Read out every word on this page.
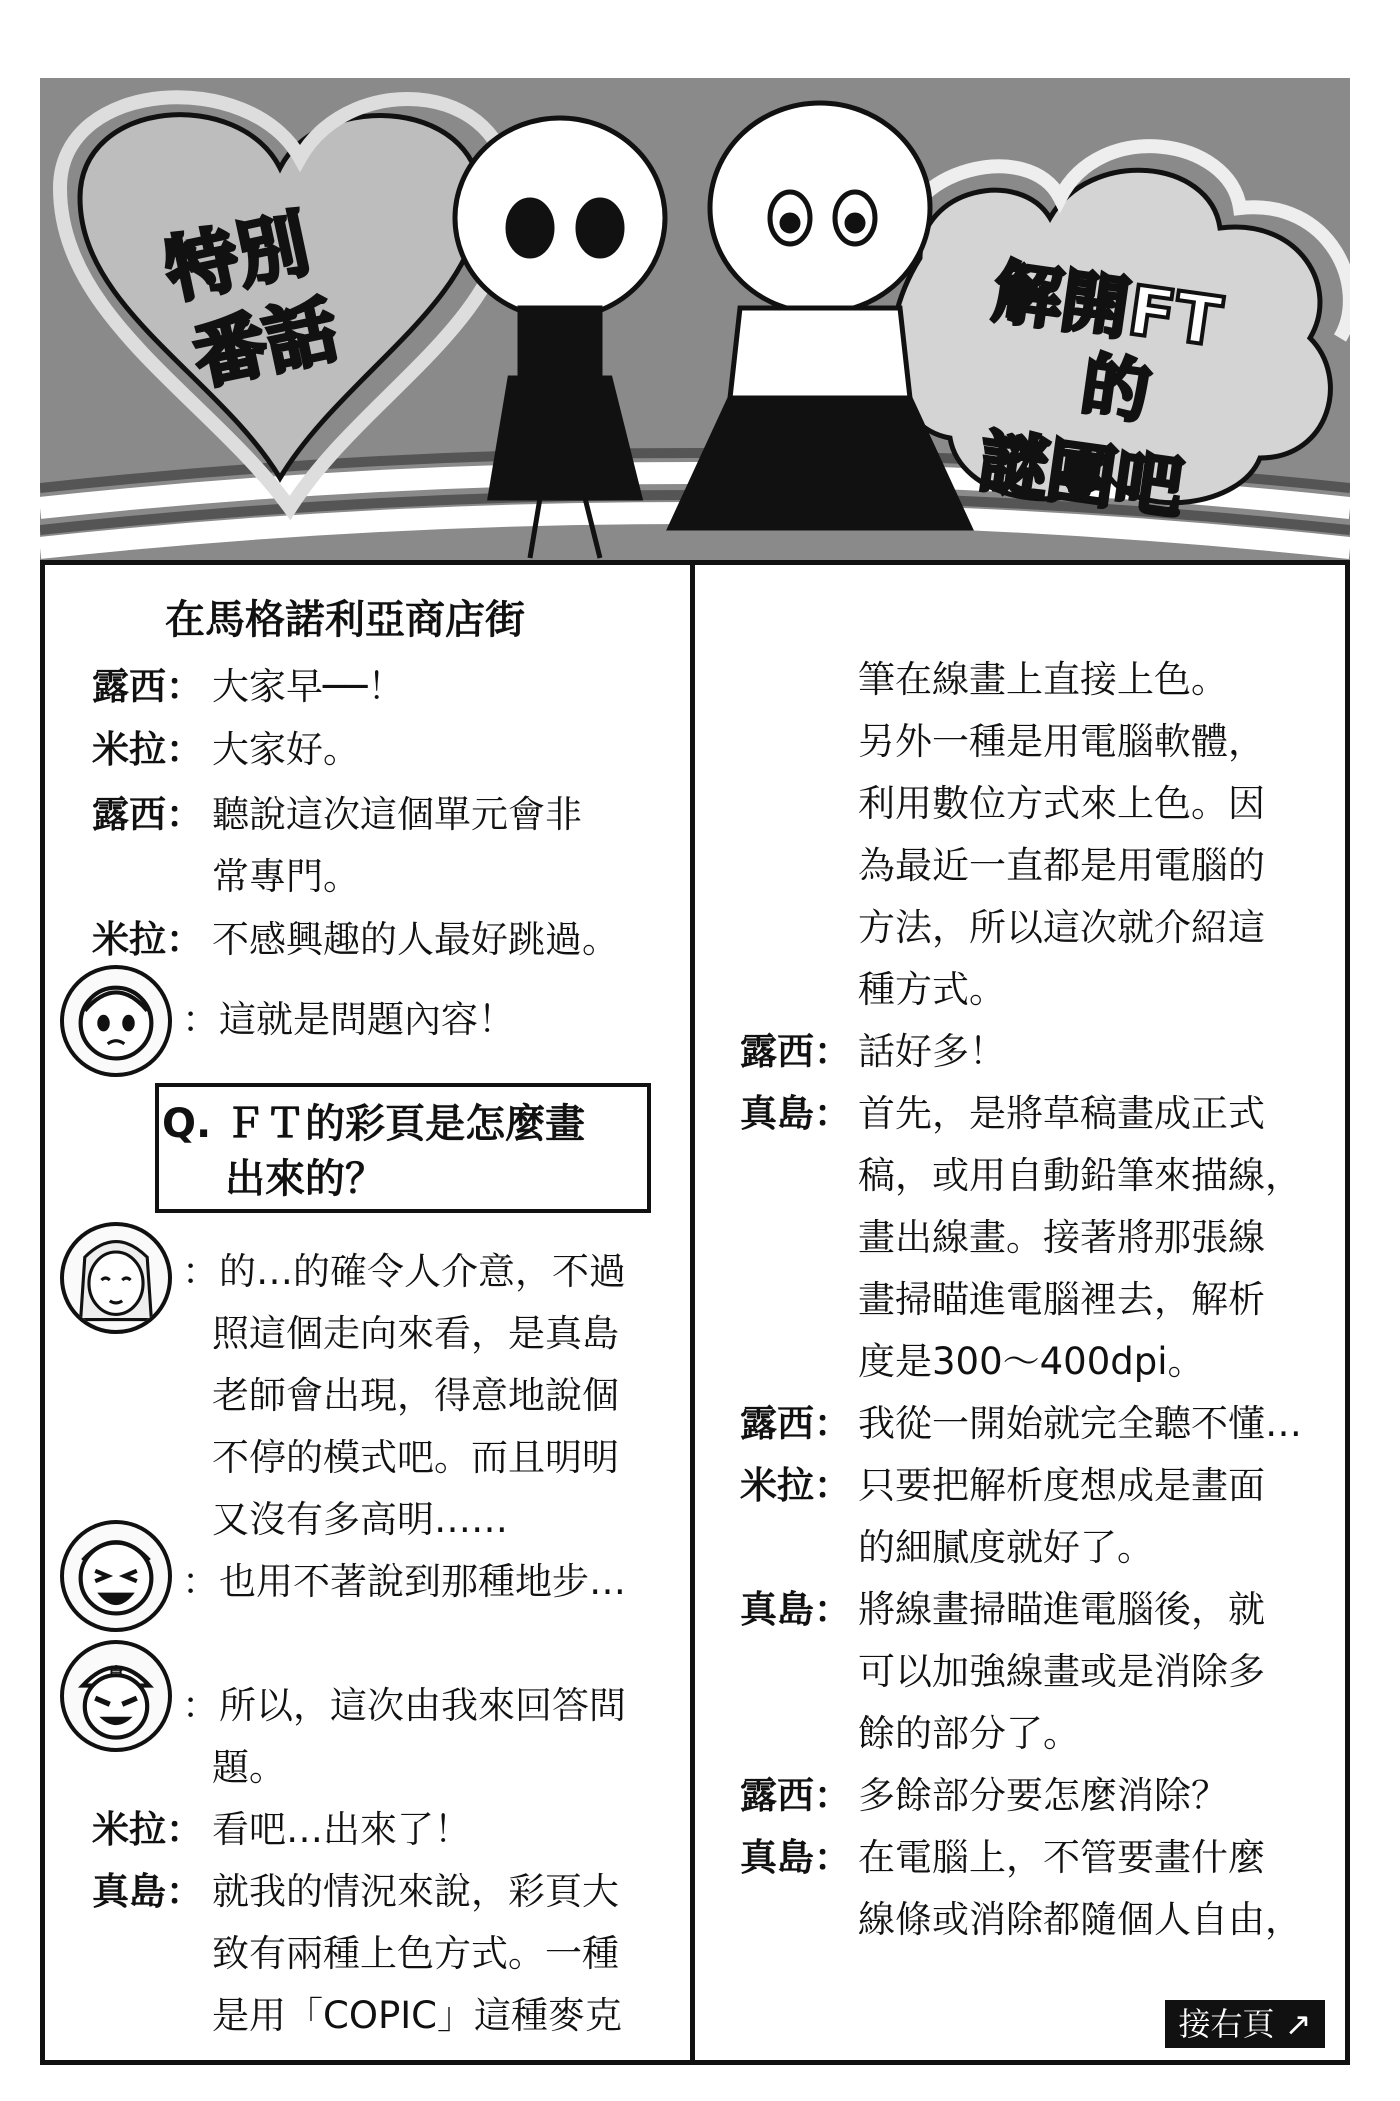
特別
番話	解開FT
的
謎團吧
在馬格諾利亞商店街
露西： 大家早──！
米拉： 大家好。
露西： 聽說這次這個單元會非
常專門。
米拉： 不感興趣的人最好跳過。
：這就是問題內容！
Q. ＦＴ的彩頁是怎麼畫
出來的？
：的…的確令人介意，不過
照這個走向來看，是真島
老師會出現，得意地說個
不停的模式吧。而且明明
又沒有多高明……
：也用不著說到那種地步…
：所以，這次由我來回答問
題。
米拉： 看吧…出來了！
真島： 就我的情況來說，彩頁大
致有兩種上色方式。一種
是用「COPIC」這種麥克
筆在線畫上直接上色。
另外一種是用電腦軟體，
利用數位方式來上色。因
為最近一直都是用電腦的
方法，所以這次就介紹這
種方式。
露西： 話好多！
真島： 首先，是將草稿畫成正式
稿，或用自動鉛筆來描線，
畫出線畫。接著將那張線
畫掃瞄進電腦裡去，解析
度是300～400dpi。
露西： 我從一開始就完全聽不懂…
米拉： 只要把解析度想成是畫面
的細膩度就好了。
真島： 將線畫掃瞄進電腦後，就
可以加強線畫或是消除多
餘的部分了。
露西： 多餘部分要怎麼消除？
真島： 在電腦上，不管要畫什麼
線條或消除都隨個人自由，
接右頁 ↗
